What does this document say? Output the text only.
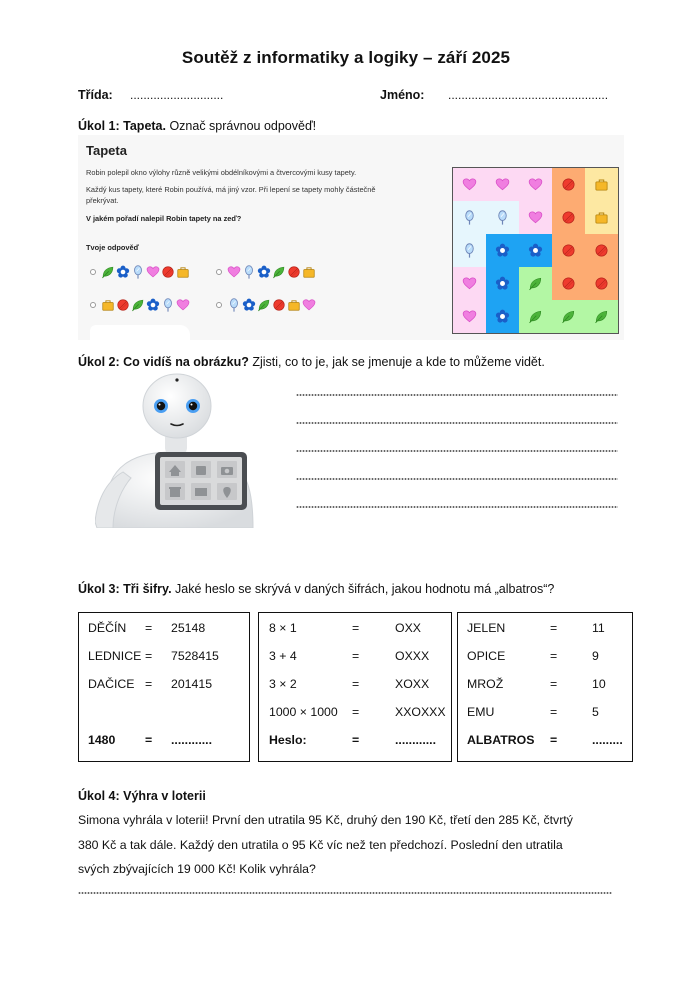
Soutěž z informatiky a logiky – září 2025
Třída: ............................	Jméno: ................................................
Úkol 1: Tapeta. Označ správnou odpověď!
Tapeta
Robin polepil okno výlohy různě velikými obdélníkovými a čtvercovými kusy tapety.
Každý kus tapety, které Robin používá, má jiný vzor. Při lepení se tapety mohly částečně
překrývat.
V jakém pořadí nalepil Robin tapety na zeď?
Tvoje odpověď
Úkol 2: Co vidíš na obrázku? Zjisti, co to je, jak se jmenuje a kde to můžeme vidět.
Úkol 3: Tři šifry. Jaké heslo se skrývá v daných šifrách, jakou hodnotu má „albatros“?
DĚČÍN = 25148
LEDNICE = 7528415
DAČICE = 201415
1480 = ............
8 × 1	=	OXX
3 + 4	=	OXXX
3 × 2	=	XOXX
1000 × 1000 =	XXOXXX
Heslo:	=	............
JELEN	=	11
OPICE	=	9
MROŽ	=	10
EMU	=	5
ALBATROS =	.........
Úkol 4: Výhra v loterii
Simona vyhrála v loterii! První den utratila 95 Kč, druhý den 190 Kč, třetí den 285 Kč, čtvrtý
380 Kč a tak dále. Každý den utratila o 95 Kč víc než ten předchozí. Poslední den utratila
svých zbývajících 19 000 Kč! Kolik vyhrála?
